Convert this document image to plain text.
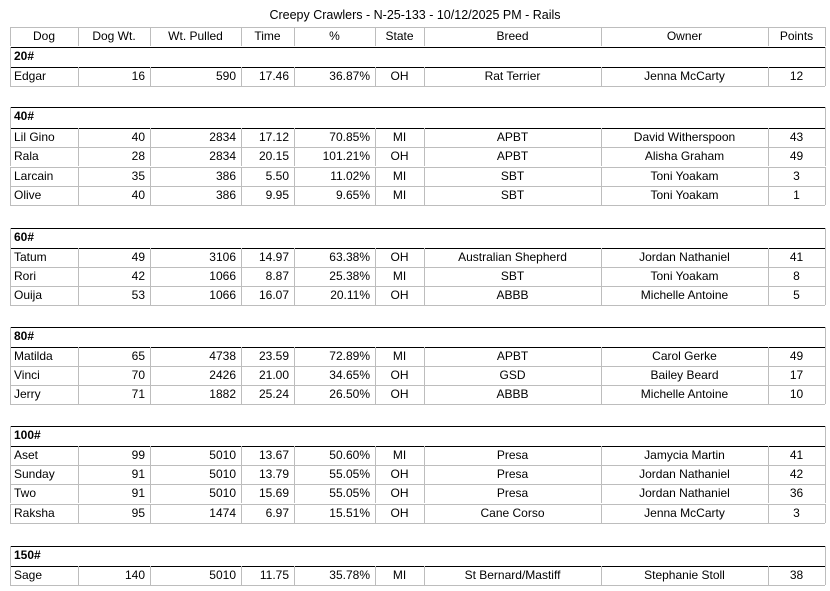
Creepy Crawlers - N-25-133 - 10/12/2025 PM - Rails
Dog	Dog Wt.	Wt. Pulled	Time	%	State	Breed	Owner	Points
20#
Edgar	16	590	17.46	36.87%	OH	Rat Terrier	Jenna McCarty	12
40#
Lil Gino	40	2834	17.12	70.85%	MI	APBT	David Witherspoon	43
Rala	28	2834	20.15	101.21%	OH	APBT	Alisha Graham	49
Larcain	35	386	5.50	11.02%	MI	SBT	Toni Yoakam	3
Olive	40	386	9.95	9.65%	MI	SBT	Toni Yoakam	1
60#
Tatum	49	3106	14.97	63.38%	OH	Australian Shepherd	Jordan Nathaniel	41
Rori	42	1066	8.87	25.38%	MI	SBT	Toni Yoakam	8
Ouija	53	1066	16.07	20.11%	OH	ABBB	Michelle Antoine	5
80#
Matilda	65	4738	23.59	72.89%	MI	APBT	Carol Gerke	49
Vinci	70	2426	21.00	34.65%	OH	GSD	Bailey Beard	17
Jerry	71	1882	25.24	26.50%	OH	ABBB	Michelle Antoine	10
100#
Aset	99	5010	13.67	50.60%	MI	Presa	Jamycia Martin	41
Sunday	91	5010	13.79	55.05%	OH	Presa	Jordan Nathaniel	42
Two	91	5010	15.69	55.05%	OH	Presa	Jordan Nathaniel	36
Raksha	95	1474	6.97	15.51%	OH	Cane Corso	Jenna McCarty	3
150#
Sage	140	5010	11.75	35.78%	MI	St Bernard/Mastiff	Stephanie Stoll	38
